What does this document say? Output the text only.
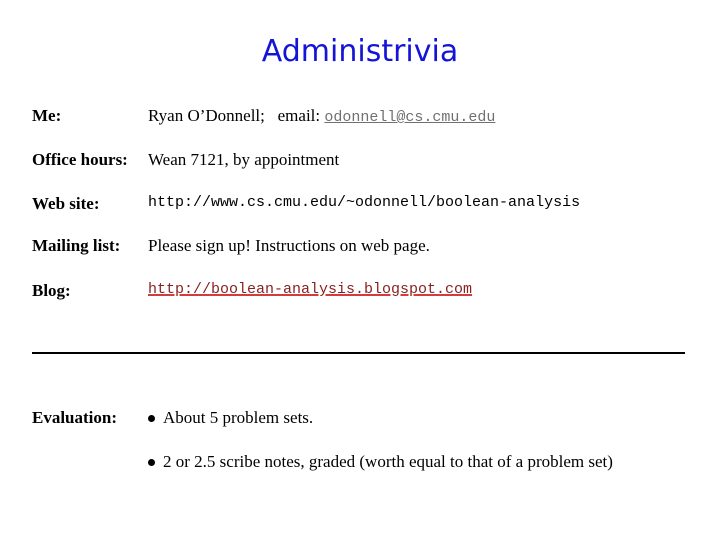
Administrivia
Me:	Ryan O’Donnell;   email: odonnell@cs.cmu.edu
Office hours: Wean 7121, by appointment
Web site:	http://www.cs.cmu.edu/~odonnell/boolean-analysis
Mailing list: Please sign up! Instructions on web page.
Blog:	http://boolean-analysis.blogspot.com
Evaluation:	About 5 problem sets.
2 or 2.5 scribe notes, graded (worth equal to that of a problem set)
